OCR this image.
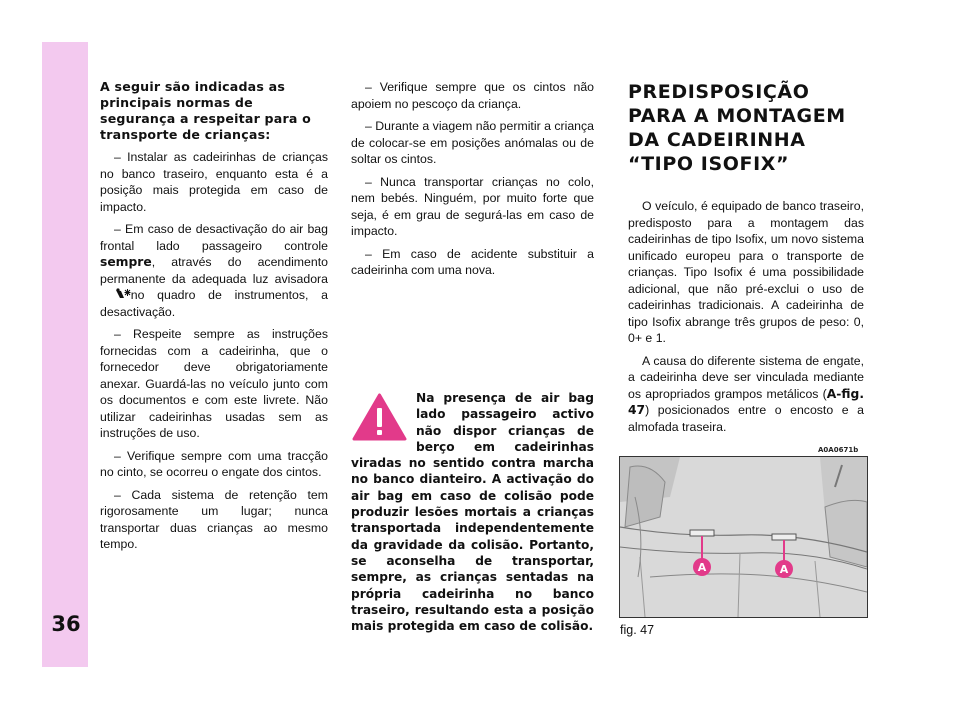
36
A seguir são indicadas as principais normas de segurança a respeitar para o transporte de crianças:

– Instalar as cadeirinhas de crianças no banco traseiro, enquanto esta é a posição mais protegida em caso de impacto.

– Em caso de desactivação do air bag frontal lado passageiro controle sempre, através do acendimento permanente da adequada luz avisadora  no quadro de instrumentos, a desactivação.

– Respeite sempre as instruções fornecidas com a cadeirinha, que o fornecedor deve obrigatoriamente anexar. Guardá-las no veículo junto com os documentos e com este livrete. Não utilizar cadeirinhas usadas sem as instruções de uso.

– Verifique sempre com uma tracção no cinto, se ocorreu o engate dos cintos.

– Cada sistema de retenção tem rigorosamente um lugar; nunca transportar duas crianças ao mesmo tempo.

– Verifique sempre que os cintos não apoiem no pescoço da criança.

– Durante a viagem não permitir a criança de colocar-se em posições anómalas ou de soltar os cintos.

– Nunca transportar crianças no colo, nem bebés. Ninguém, por muito forte que seja, é em grau de segurá-las em caso de impacto.

– Em caso de acidente substituir a cadeirinha com uma nova.

Na presença de air bag lado passageiro activo não dispor crianças de berço em cadeirinhas viradas no sentido contra marcha no banco dianteiro. A activação do air bag em caso de colisão pode produzir lesões mortais a crianças transportada independentemente da gravidade da colisão. Portanto, se aconselha de transportar, sempre, as crianças sentadas na própria cadeirinha no banco traseiro, resultando esta a posição mais protegida em caso de colisão.
PREDISPOSIÇÃO
PARA A MONTAGEM
DA CADEIRINHA
“TIPO ISOFIX”

O veículo, é equipado de banco traseiro, predisposto para a montagem das cadeirinhas de tipo Isofix, um novo sistema unificado europeu para o transporte de crianças. Tipo Isofix é uma possibilidade adicional, que não pré-exclui o uso de cadeirinhas tradicionais. A cadeirinha de tipo Isofix abrange três grupos de peso: 0, 0+ e 1.

A causa do diferente sistema de engate, a cadeirinha deve ser vinculada mediante os apropriados grampos metálicos (A-fig. 47) posicionados entre o encosto e a almofada traseira.

A0A0671b
A	A
fig. 47
